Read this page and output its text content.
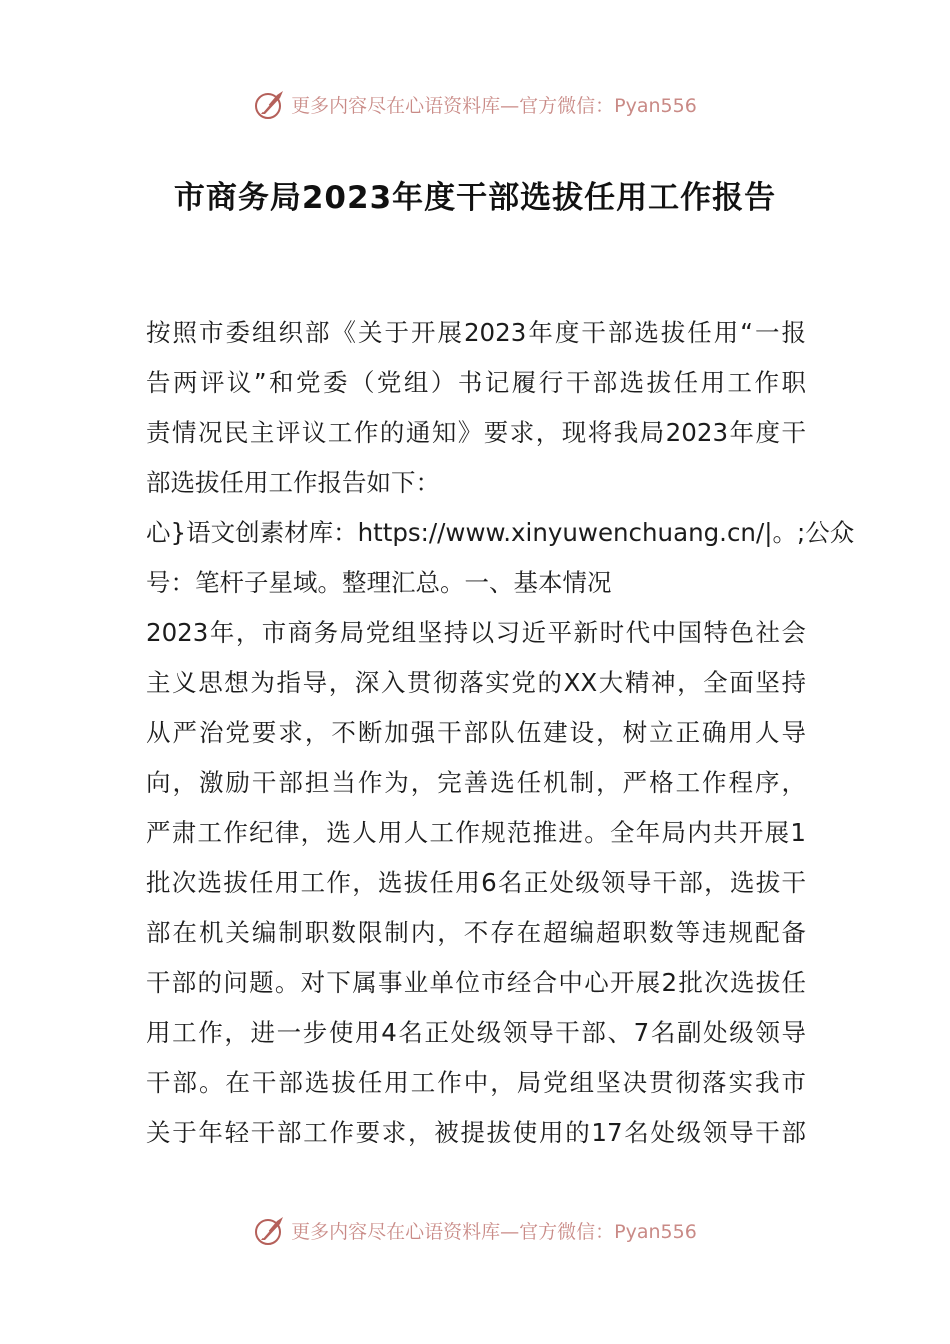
更多内容尽在心语资料库—官方微信：Pyan556
市商务局2023年度干部选拔任用工作报告
按照市委组织部《关于开展2023年度干部选拔任用“一报
告两评议”和党委（党组）书记履行干部选拔任用工作职
责情况民主评议工作的通知》要求，现将我局2023年度干
部选拔任用工作报告如下：
心}语文创素材库：https://www.xinyuwenchuang.cn/|。;公众
号：笔杆子星域。整理汇总。一、基本情况
2023年，市商务局党组坚持以习近平新时代中国特色社会
主义思想为指导，深入贯彻落实党的XX大精神，全面坚持
从严治党要求，不断加强干部队伍建设，树立正确用人导
向，激励干部担当作为，完善选任机制，严格工作程序，
严肃工作纪律，选人用人工作规范推进。全年局内共开展1
批次选拔任用工作，选拔任用6名正处级领导干部，选拔干
部在机关编制职数限制内，不存在超编超职数等违规配备
干部的问题。对下属事业单位市经合中心开展2批次选拔任
用工作，进一步使用4名正处级领导干部、7名副处级领导
干部。在干部选拔任用工作中，局党组坚决贯彻落实我市
关于年轻干部工作要求，被提拔使用的17名处级领导干部
更多内容尽在心语资料库—官方微信：Pyan556
